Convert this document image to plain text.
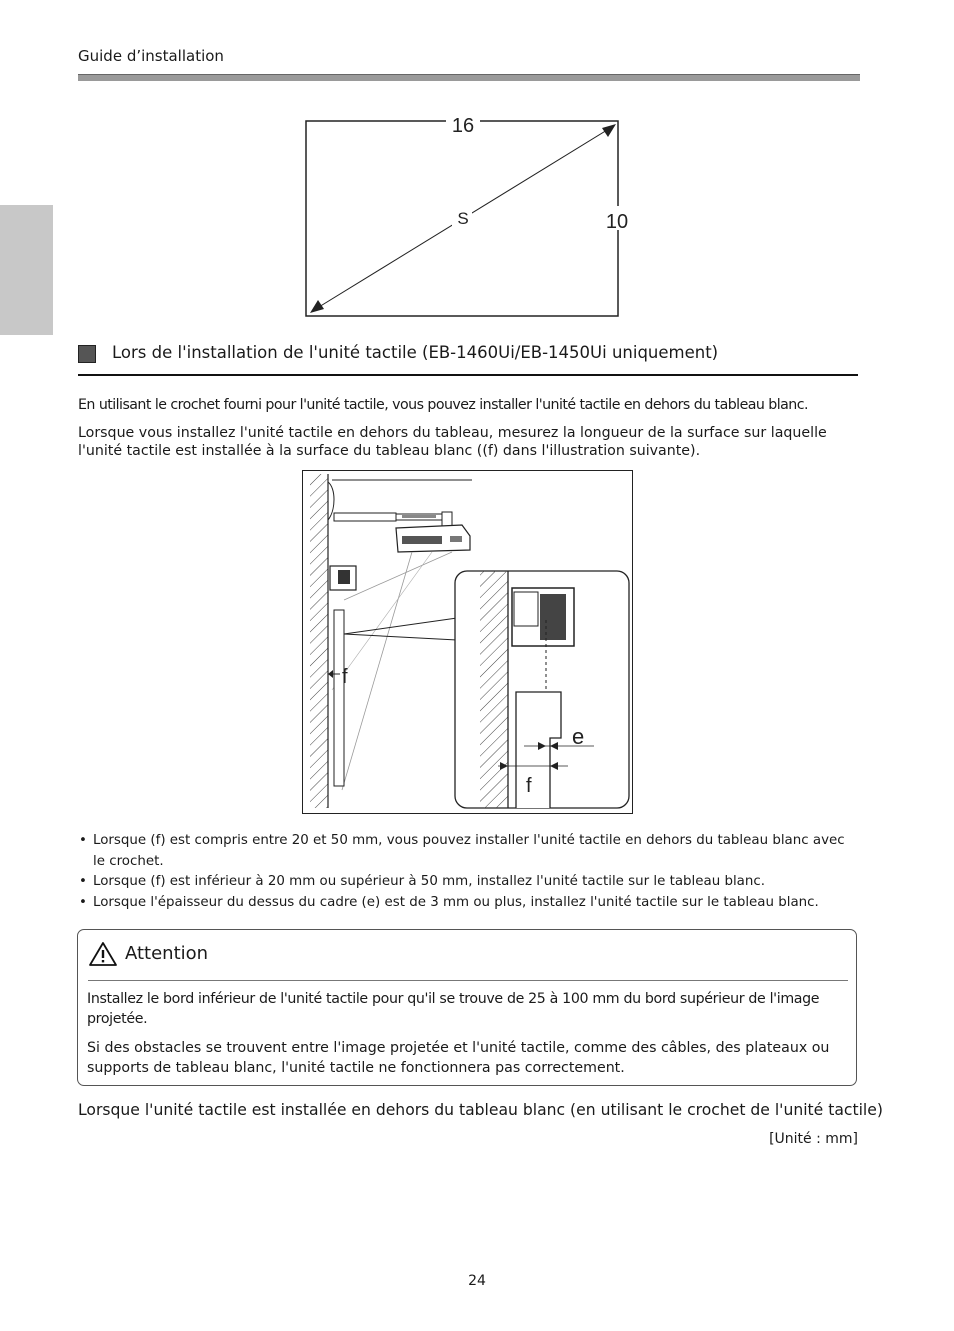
Guide d’installation
16
10
S
Lors de l'installation de l'unité tactile (EB-1460Ui/EB-1450Ui uniquement)
En utilisant le crochet fourni pour l'unité tactile, vous pouvez installer l'unité tactile en dehors du tableau blanc.
Lorsque vous installez l'unité tactile en dehors du tableau, mesurez la longueur de la surface sur laquelle l'unité tactile est installée à la surface du tableau blanc ((f) dans l'illustration suivante).
f
e
f
• Lorsque (f) est compris entre 20 et 50 mm, vous pouvez installer l'unité tactile en dehors du tableau blanc avec le crochet.
• Lorsque (f) est inférieur à 20 mm ou supérieur à 50 mm, installez l'unité tactile sur le tableau blanc.
• Lorsque l'épaisseur du dessus du cadre (e) est de 3 mm ou plus, installez l'unité tactile sur le tableau blanc.
Attention
Installez le bord inférieur de l'unité tactile pour qu'il se trouve de 25 à 100 mm du bord supérieur de l'image projetée.
Si des obstacles se trouvent entre l'image projetée et l'unité tactile, comme des câbles, des plateaux ou supports de tableau blanc, l'unité tactile ne fonctionnera pas correctement.
Lorsque l'unité tactile est installée en dehors du tableau blanc (en utilisant le crochet de l'unité tactile)
[Unité : mm]
24
